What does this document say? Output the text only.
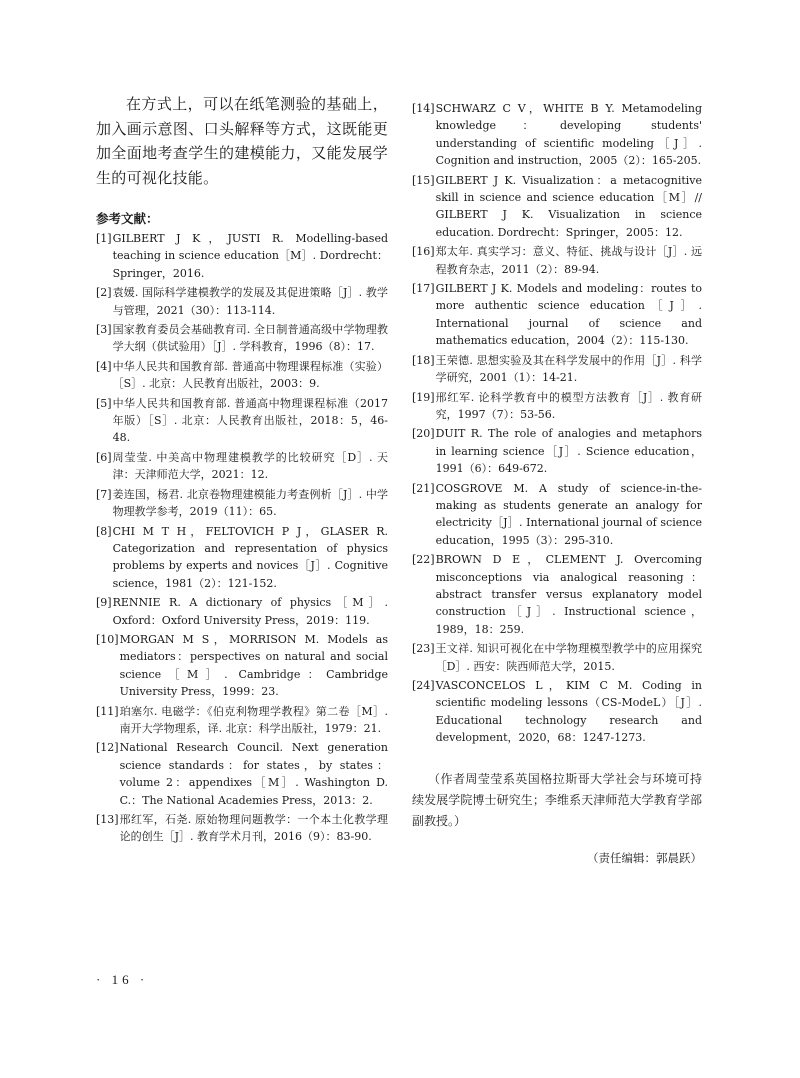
在方式上，可以在纸笔测验的基础上，加入画示意图、口头解释等方式，这既能更加全面地考查学生的建模能力，又能发展学生的可视化技能。

参考文献：
[1] GILBERT J K，JUSTI R. Modelling-based teaching in science education［M］. Dordrecht：Springer，2016.
[2] 袁媛. 国际科学建模教学的发展及其促进策略［J］. 教学与管理，2021（30）：113-114.
[3] 国家教育委员会基础教育司. 全日制普通高级中学物理教学大纲（供试验用）［J］. 学科教育，1996（8）：17.
[4] 中华人民共和国教育部. 普通高中物理课程标准（实验）［S］. 北京：人民教育出版社，2003：9.
[5] 中华人民共和国教育部. 普通高中物理课程标准（2017 年版）［S］. 北京：人民教育出版社，2018：5，46-48.
[6] 周莹莹. 中美高中物理建模教学的比较研究［D］. 天津：天津师范大学，2021：12.
[7] 姜连国，杨君. 北京卷物理建模能力考查例析［J］. 中学物理教学参考，2019（11）：65.
[8] CHI M T H，FELTOVICH P J，GLASER R. Categorization and representation of physics problems by experts and novices［J］. Cognitive science，1981（2）：121-152.
[9] RENNIE R. A dictionary of physics［M］. Oxford：Oxford University Press，2019：119.
[10] MORGAN M S，MORRISON M. Models as mediators：perspectives on natural and social science［M］. Cambridge：Cambridge University Press，1999：23.
[11] 珀塞尔. 电磁学：《伯克利物理学教程》第二卷［M］. 南开大学物理系，译. 北京：科学出版社，1979：21.
[12] National Research Council. Next generation science standards：for states，by states：volume 2：appendixes［M］. Washington D. C.：The National Academies Press，2013：2.
[13] 邢红军，石尧. 原始物理问题教学：一个本土化教学理论的创生［J］. 教育学术月刊，2016（9）：83-90.
[14] SCHWARZ C V，WHITE B Y. Metamodeling knowledge：developing students' understanding of scientific modeling［J］. Cognition and instruction，2005（2）：165-205.
[15] GILBERT J K. Visualization：a metacognitive skill in science and science education［M］// GILBERT J K. Visualization in science education. Dordrecht：Springer，2005：12.
[16] 郑太年. 真实学习：意义、特征、挑战与设计［J］. 远程教育杂志，2011（2）：89-94.
[17] GILBERT J K. Models and modeling：routes to more authentic science education［J］. International journal of science and mathematics education，2004（2）：115-130.
[18] 王荣德. 思想实验及其在科学发展中的作用［J］. 科学学研究，2001（1）：14-21.
[19] 邢红军. 论科学教育中的模型方法教育［J］. 教育研究，1997（7）：53-56.
[20] DUIT R. The role of analogies and metaphors in learning science［J］. Science education，1991（6）：649-672.
[21] COSGROVE M. A study of science-in-the-making as students generate an analogy for electricity［J］. International journal of science education，1995（3）：295-310.
[22] BROWN D E，CLEMENT J. Overcoming misconceptions via analogical reasoning：abstract transfer versus explanatory model construction［J］. Instructional science，1989，18：259.
[23] 王文祥. 知识可视化在中学物理模型教学中的应用探究［D］. 西安：陕西师范大学，2015.
[24] VASCONCELOS L，KIM C M. Coding in scientific modeling lessons（CS-ModeL）［J］. Educational technology research and development，2020，68：1247-1273.

（作者周莹莹系英国格拉斯哥大学社会与环境可持续发展学院博士研究生；李维系天津师范大学教育学部副教授。）

（责任编辑：郭晨跃）
· 16 ·
